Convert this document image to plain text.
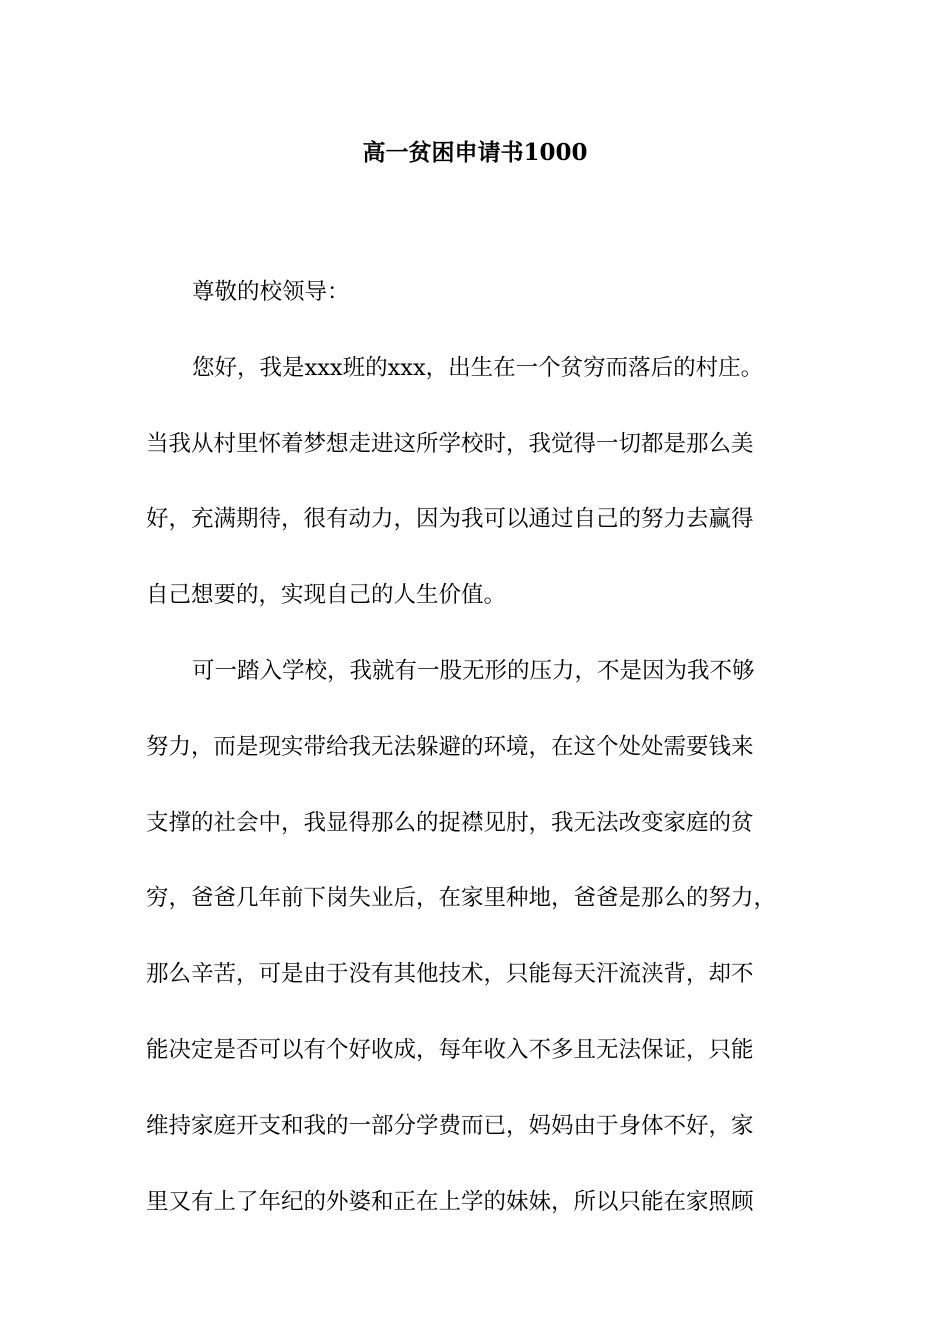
高一贫困申请书1000
尊敬的校领导：
您好，我是xxx班的xxx，出生在一个贫穷而落后的村庄。
当我从村里怀着梦想走进这所学校时，我觉得一切都是那么美
好，充满期待，很有动力，因为我可以通过自己的努力去赢得
自己想要的，实现自己的人生价值。
可一踏入学校，我就有一股无形的压力，不是因为我不够
努力，而是现实带给我无法躲避的环境，在这个处处需要钱来
支撑的社会中，我显得那么的捉襟见肘，我无法改变家庭的贫
穷，爸爸几年前下岗失业后，在家里种地，爸爸是那么的努力，
那么辛苦，可是由于没有其他技术，只能每天汗流浃背，却不
能决定是否可以有个好收成，每年收入不多且无法保证，只能
维持家庭开支和我的一部分学费而已，妈妈由于身体不好，家
里又有上了年纪的外婆和正在上学的妹妹，所以只能在家照顾
